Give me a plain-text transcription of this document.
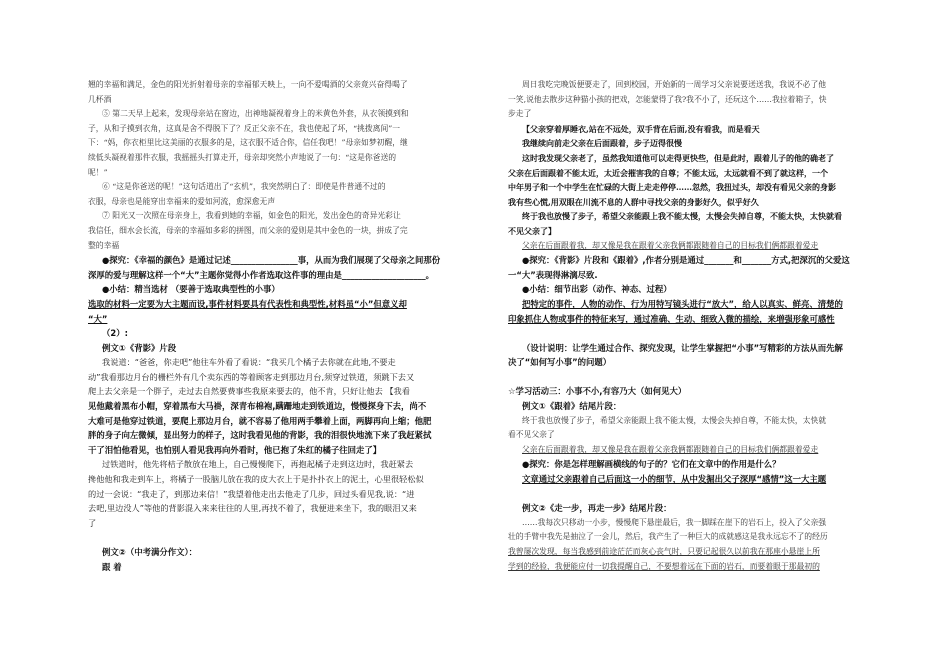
翘的幸福和满足，金色的阳光折射着母亲的幸福郁天映上，一向不爱喝酒的父亲竟兴奋得喝了

几杯酒

⑤ 第二天早上起来，发现母亲站在窗边，出神地凝视着身上的米黄色外套，从衣领摸到和

子，从和子摸到衣角，这真是舍不得脱下了？反正父亲不在，我也使起了坏，“挑拨离间”一

下：“妈，你衣柜里比这美丽的衣服多的是，这衣服不适合你，信任我吧！”母亲如梦初醒，继

续低头凝视着那件衣服，我摇摇头打算走开，母亲却突然小声地说了一句：“这是你爸送的

呢！”

⑥ “这是你爸送的呢！”这句话道出了“玄机”，我突然明白了：即使是件普通不过的

衣服，母亲也是能穿出幸福来的爱如河流，愈深愈无声

⑦ 阳光又一次照在母亲身上，我看到她的幸福，如金色的阳光，发出金色的奇异光彩让

我信任，细水会长流，母亲的幸福如多彩的拼图，而父亲的爱则是其中金色的一块，拼成了完

整的幸福

●探究：《幸福的颜色》是通过记述________________事，从而为我们展现了父母亲之间那份

深厚的爱与理解这样一个“大”主题你觉得小作者选取这件事的理由是____________________。

●小结：精当选材 （要善于选取典型性的小事）

选取的材料一定要为大主题而设,事件材料要具有代表性和典型性,材料虽“小”但意义却

“大”

（2）:

例文①《背影》片段

我说道：“爸爸，你走吧”他往车外看了看说：“我买几个橘子去你就在此地,不要走

动”我看那边月台的栅栏外有几个卖东西的等着顾客走到那边月台,须穿过铁道，须跳下去又

爬上去父亲是一个胖子，走过去自然要费事些我原来要去的，他不肯，只好让他去 【我看

见他戴着黑布小帽，穿着黑布大马褂，深青布棉袍,蹒跚地走到铁道边，慢慢探身下去，尚不

大难可是他穿过铁道，要爬上那边月台，就不容易了他用两手攀着上面，两脚再向上缩；他肥

胖的身子向左微倾，显出努力的样子，这时我看见他的背影，我的泪很快地流下来了我赶紧拭

干了泪怕他看见，也怕别人看见我再向外看时，他已抱了朱红的橘子往回走了】

过铁道时，他先将桔子散放在地上，自己慢慢爬下，再抱起橘子走到这边时，我赶紧去

搀他他和我走到车上，将橘子一股脑儿放在我的皮大衣上于是扑扑衣上的泥土，心里很轻松似

的过一会说：“我走了，到那边来信！”我望着他走出去他走了几步，回过头看见我,说：“进

去吧,里边没人”等他的背影混入来来往往的人里,再找不着了，我便进来坐下，我的眼泪又来

了

例文②（中考满分作文）：

跟 着

周日我吃完晚饭便要走了，回到校园，开始新的一周学习父亲说要送送我，我说不必了他

一笑,说他去散步这种猫小孩的把戏，怎能蒙得了我?我不小了，还玩这个……我拉着箱子，快

步走了

【父亲穿着厚睡衣,站在不远处，双手背在后面,没有看我，而是看天

我继续向前走父亲在后面跟着，步子迈得很慢

这时我发现父亲老了，虽然我知道他可以走得更快些，但是此时，跟着儿子的他的确老了

父亲在后面跟着不能太近，太近会摧害我的自尊；不能太远，太远就看不到了就这样，一个

中年男子和一个中学生在忙碌的大街上走走停停……忽然，我扭过头，却没有看见父亲的身影

我有些心慌,用双眼在川流不息的人群中寻找父亲的身影好久，似乎好久

终于我也放慢了步子，希望父亲能跟上我不能太慢，太慢会失掉自尊，不能太快，太快就看

不见父亲了】

父亲在后面跟着我，却又像是我在跟着父亲我俩都跟随着自己的目标我们俩都跟着爱走

●探究：《背影》片段和《跟着》,作者分别是通过_______和_______方式,把深沉的父爱这

一“大”表现得淋漓尽致.

●小结：细节出彩（动作、神态、过程）

把特定的事件，人物的动作、行为用特写镜头进行“放大”，给人以真实、鲜亮、清楚的

印象抓住人物或事件的特征来写，通过准确、生动、细致入微的描绘，来増强形象可感性

（设计说明：让学生通过合作、探究发现，让学生掌握把“小事”写精彩的方法从而先解

决了“如何写小事”的问题）

☆学习活动三：小事不小,有容乃大（如何见大）

例文①《跟着》结尾片段：

终于我也放慢了步子，希望父亲能跟上我不能太慢，太慢会失掉自尊，不能太快，太快就

看不见父亲了

父亲在后面跟着我，却又像是我在跟着父亲我俩都跟随着自己的目标我们俩都跟着爱走

●探究：你是怎样理解画横线的句子的？它们在文章中的作用是什么？

文章通过父亲跟着自己后面这一小的细节，从中发掘出父子深厚“感情”这一大主题

例文②《走一步，再走一步》结尾片段：

……我每次只移动一小步，慢慢爬下悬崖最后，我一脚踩在崖下的岩石上，投入了父亲强

壮的手臂中我先是抽泣了一会儿，然后，我产生了一种巨大的成就感这是我永远忘不了的经历

我曾屡次发现，每当我感到前途茫茫而灰心丧气时，只要记起很久以前我在那座小悬崖上所

学到的经验，我便能应付一切我提醒自己，不要想着远在下面的岩石，而要着眼于那最初的
